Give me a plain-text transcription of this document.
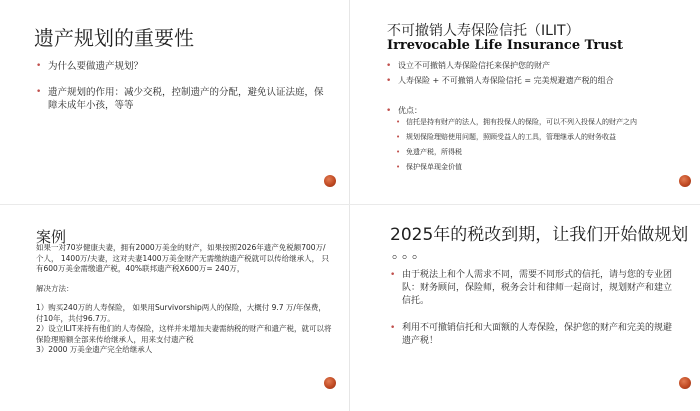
遗产规划的重要性
• 为什么要做遗产规划？
• 遗产规划的作用：减少交税，控制遗产的分配，避免认证法庭，保障未成年小孩，等等
不可撤销人寿保险信托（ILIT）
Irrevocable Life Insurance Trust
• 设立不可撤销人寿保险信托来保护您的财产
• 人寿保险 + 不可撤销人寿保险信托 = 完美规避遗产税的组合
• 优点：
• 信托是持有财产的法人，拥有投保人的保险，可以不列入投保人的财产之内
• 规划保险理赔使用问题，照顾受益人的工具，管理继承人的财务收益
• 免遗产税，所得税
• 保护保单现金价值
案例

如果一对70岁健康夫妻，拥有2000万美金的财产，如果按照2026年遗产免税额700万/个人， 1400万/夫妻，这对夫妻1400万美金财产无需缴纳遗产税就可以传给继承人， 只有600万美金需缴遗产税，40%联邦遗产税X600万= 240万，

解决方法：

1）购买240万的人寿保险， 如果用Survivorship两人的保险，大概付 9.7 万/年保费，付10年，共付96.7万。

2）设立ILIT来持有他们的人寿保险，这样并未增加夫妻需纳税的财产和遗产税，就可以将保险理赔额全部来传给继承人，用来支付遗产税

3）2000 万美金遗产完全给继承人

2025年的税改到期，让我们开始做规划
。。。
• 由于税法上和个人需求不同，需要不同形式的信托，请与您的专业团队：财务顾问，保险师，税务会计和律师一起商讨，规划财产和建立信托。
• 利用不可撤销信托和大面额的人寿保险，保护您的财产和完美的规避遗产税！
